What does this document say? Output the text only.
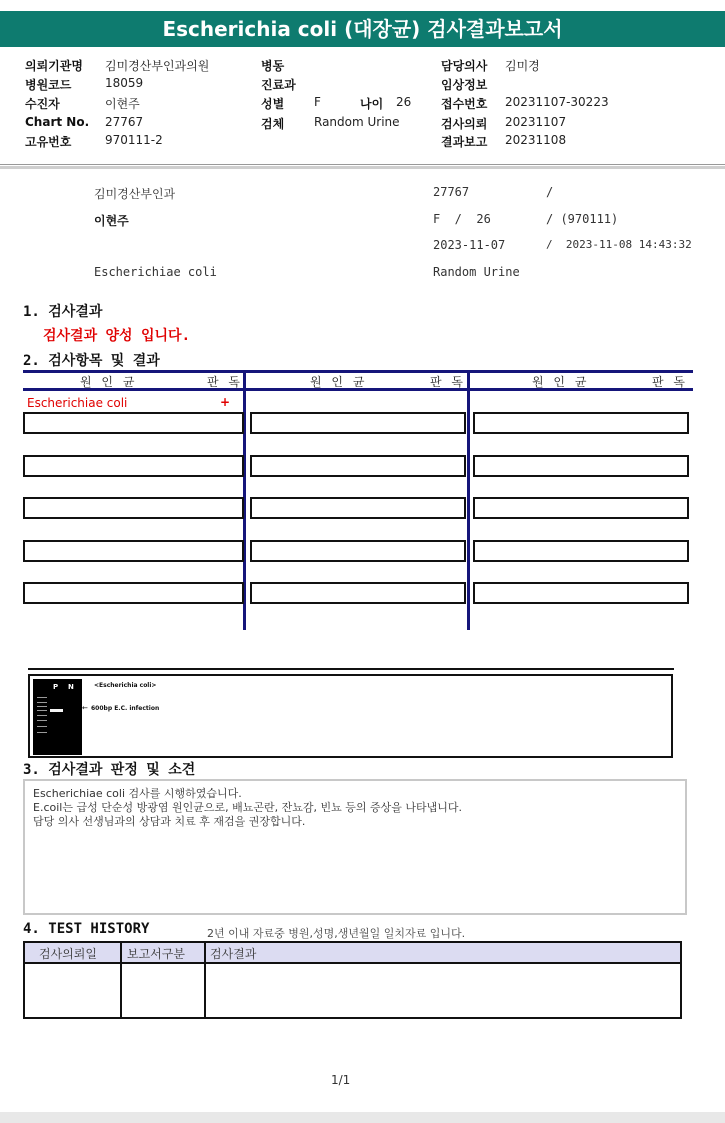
Escherichia coli (대장균) 검사결과보고서
의뢰기관명 김미경산부인과의원
병원코드	18059
수진자	이현주
Chart No. 27767
고유번호	970111-2
병동
진료과
성별 F	나이 26
검체 Random Urine
담당의사 김미경
임상정보
접수번호 20231107-30223
검사의뢰 20231107
결과보고 20231108
김미경산부인과	27767	/
이현주	F  /  26	/ (970111)
2023-11-07	/  2023-11-08 14:43:32
Escherichiae coli	Random Urine
1. 검사결과
검사결과 양성 입니다.
2. 검사항목 및 결과
원 인 균	판 독	원 인 균	판 독	원 인 균	판 독
Escherichiae coli	+
P N	<Escherichia coli>
← 600bp E.C. infection
3. 검사결과 판정 및 소견
Escherichiae coli 검사를 시행하였습니다.
E.coil는 급성 단순성 방광염 원인균으로, 배뇨곤란, 잔뇨감, 빈뇨 등의 증상을 나타냅니다.
담당 의사 선생님과의 상담과 치료 후 재검을 권장합니다.
4. TEST HISTORY	2년 이내 자료중 병원,성명,생년월일 일치자료 입니다.
검사의뢰일	보고서구분 검사결과
1/1
